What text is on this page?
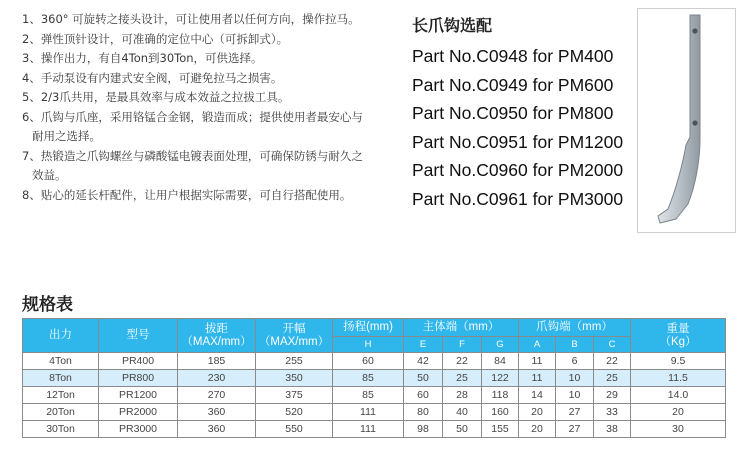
1、360° 可旋转之接头设计，可让使用者以任何方向，操作拉马。
2、弹性顶针设计，可准确的定位中心（可拆卸式）。
3、操作出力，有自4Ton到30Ton，可供选择。
4、手动泵设有内建式安全阀，可避免拉马之损害。
5、2/3爪共用，是最具效率与成本效益之拉拔工具。
6、爪钩与爪座，采用铬锰合金钢，锻造而成；提供使用者最安心与
耐用之选择。
7、热锻造之爪钩螺丝与磷酸锰电镀表面处理，可确保防锈与耐久之
效益。
8、贴心的延长杆配件，让用户根据实际需要，可自行搭配使用。
长爪钩选配
Part No.C0948 for PM400
Part No.C0949 for PM600
Part No.C0950 for PM800
Part No.C0951 for PM1200
Part No.C0960 for PM2000
Part No.C0961 for PM3000
规格表
出力	型号	拔距
（MAX/mm）	开幅
（MAX/mm）	扬程(mm)	主体端（mm）			爪钩端（mm）			重量
（Kg）
				H	E	F	G	A	B	C	
4Ton	PR400	185	255	60	42	22	84	11	6	22	9.5
8Ton	PR800	230	350	85	50	25	122	11	10	25	11.5
12Ton	PR1200	270	375	85	60	28	118	14	10	29	14.0
20Ton	PR2000	360	520	111	80	40	160	20	27	33	20
30Ton	PR3000	360	550	111	98	50	155	20	27	38	30
